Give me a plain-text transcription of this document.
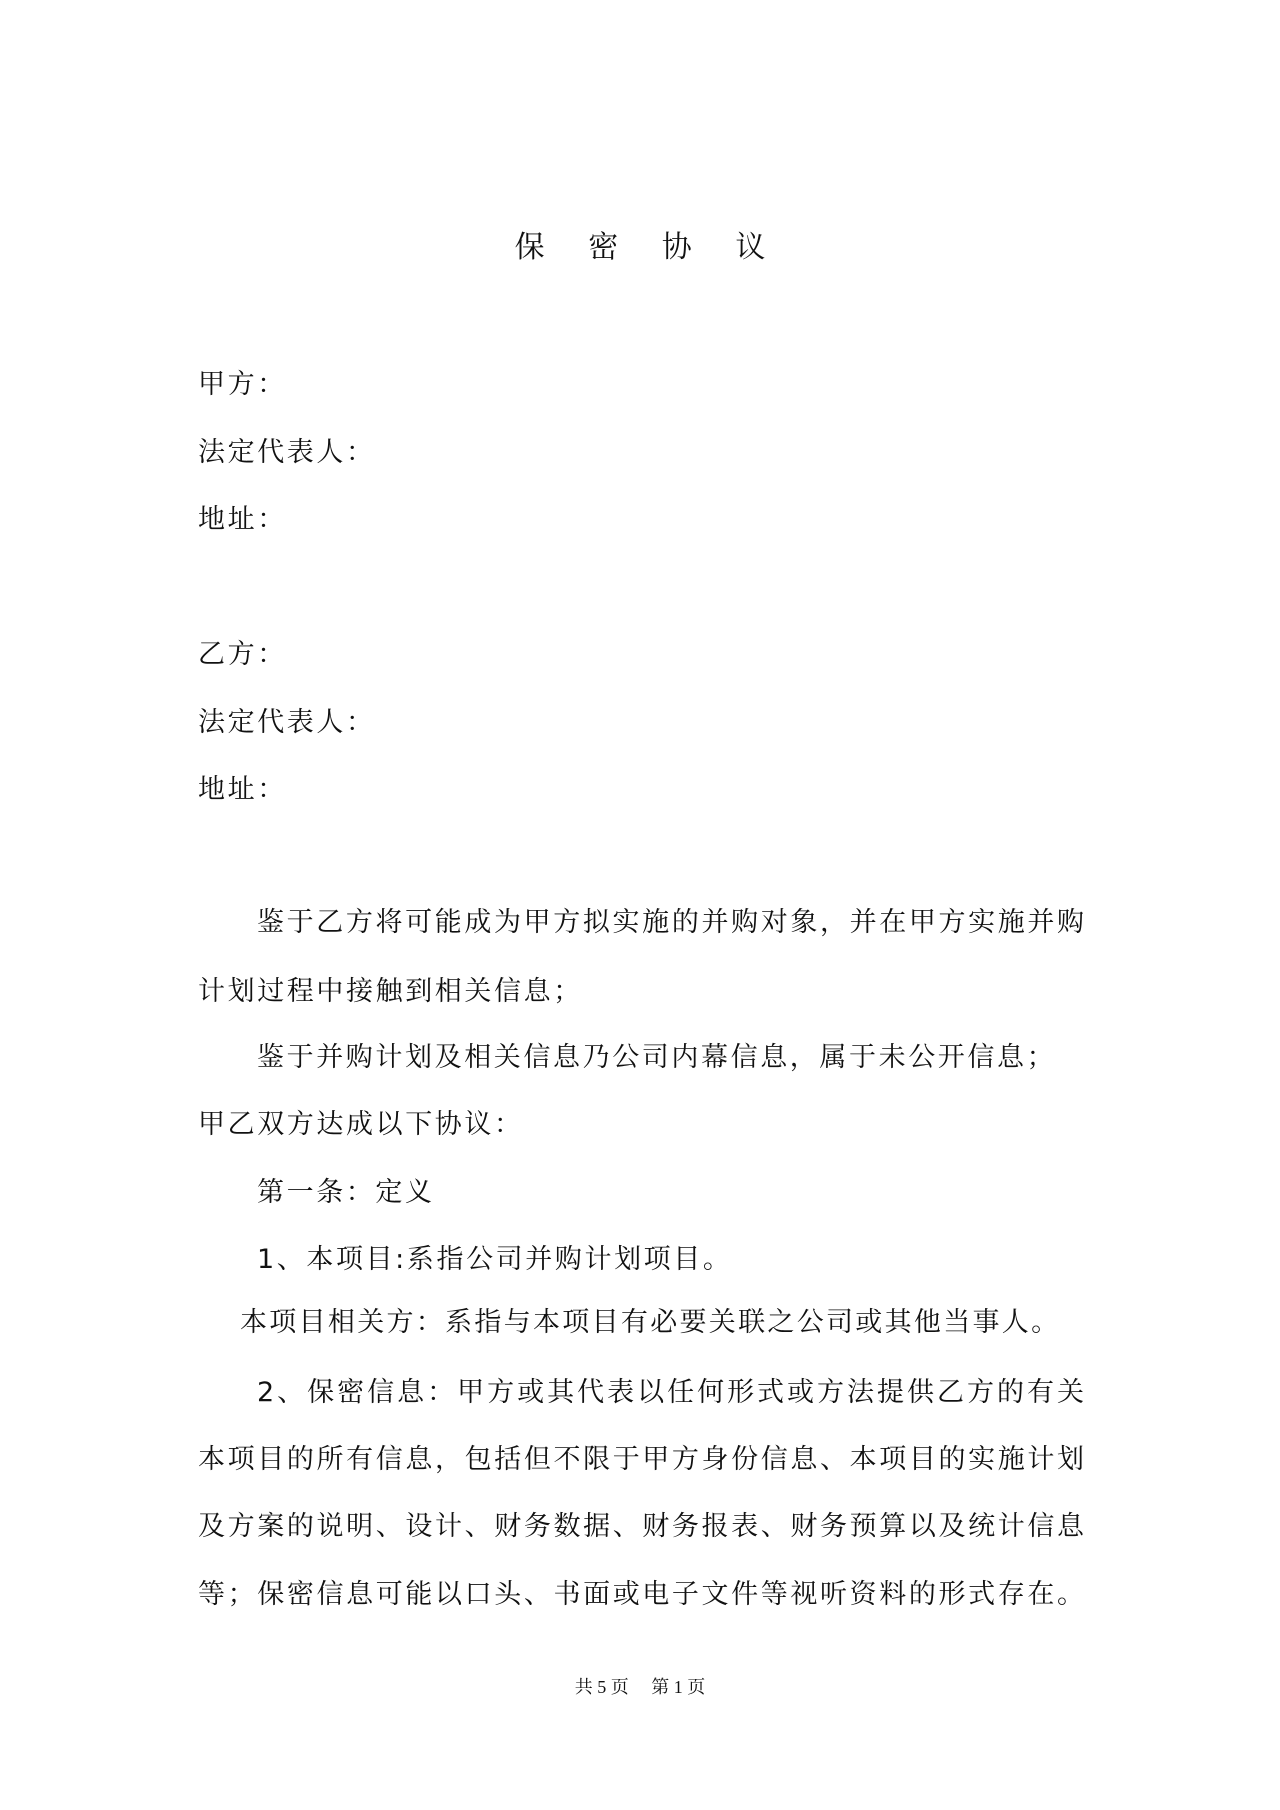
保 密 协 议
甲方：
法定代表人：
地址：
乙方：
法定代表人：
地址：
鉴于乙方将可能成为甲方拟实施的并购对象，并在甲方实施并购
计划过程中接触到相关信息；
鉴于并购计划及相关信息乃公司内幕信息，属于未公开信息；
甲乙双方达成以下协议：
第一条：定义
1、本项目:系指公司并购计划项目。
本项目相关方：系指与本项目有必要关联之公司或其他当事人。
2、保密信息：甲方或其代表以任何形式或方法提供乙方的有关
本项目的所有信息，包括但不限于甲方身份信息、本项目的实施计划
及方案的说明、设计、财务数据、财务报表、财务预算以及统计信息
等；保密信息可能以口头、书面或电子文件等视听资料的形式存在。
共 5 页 第 1 页
